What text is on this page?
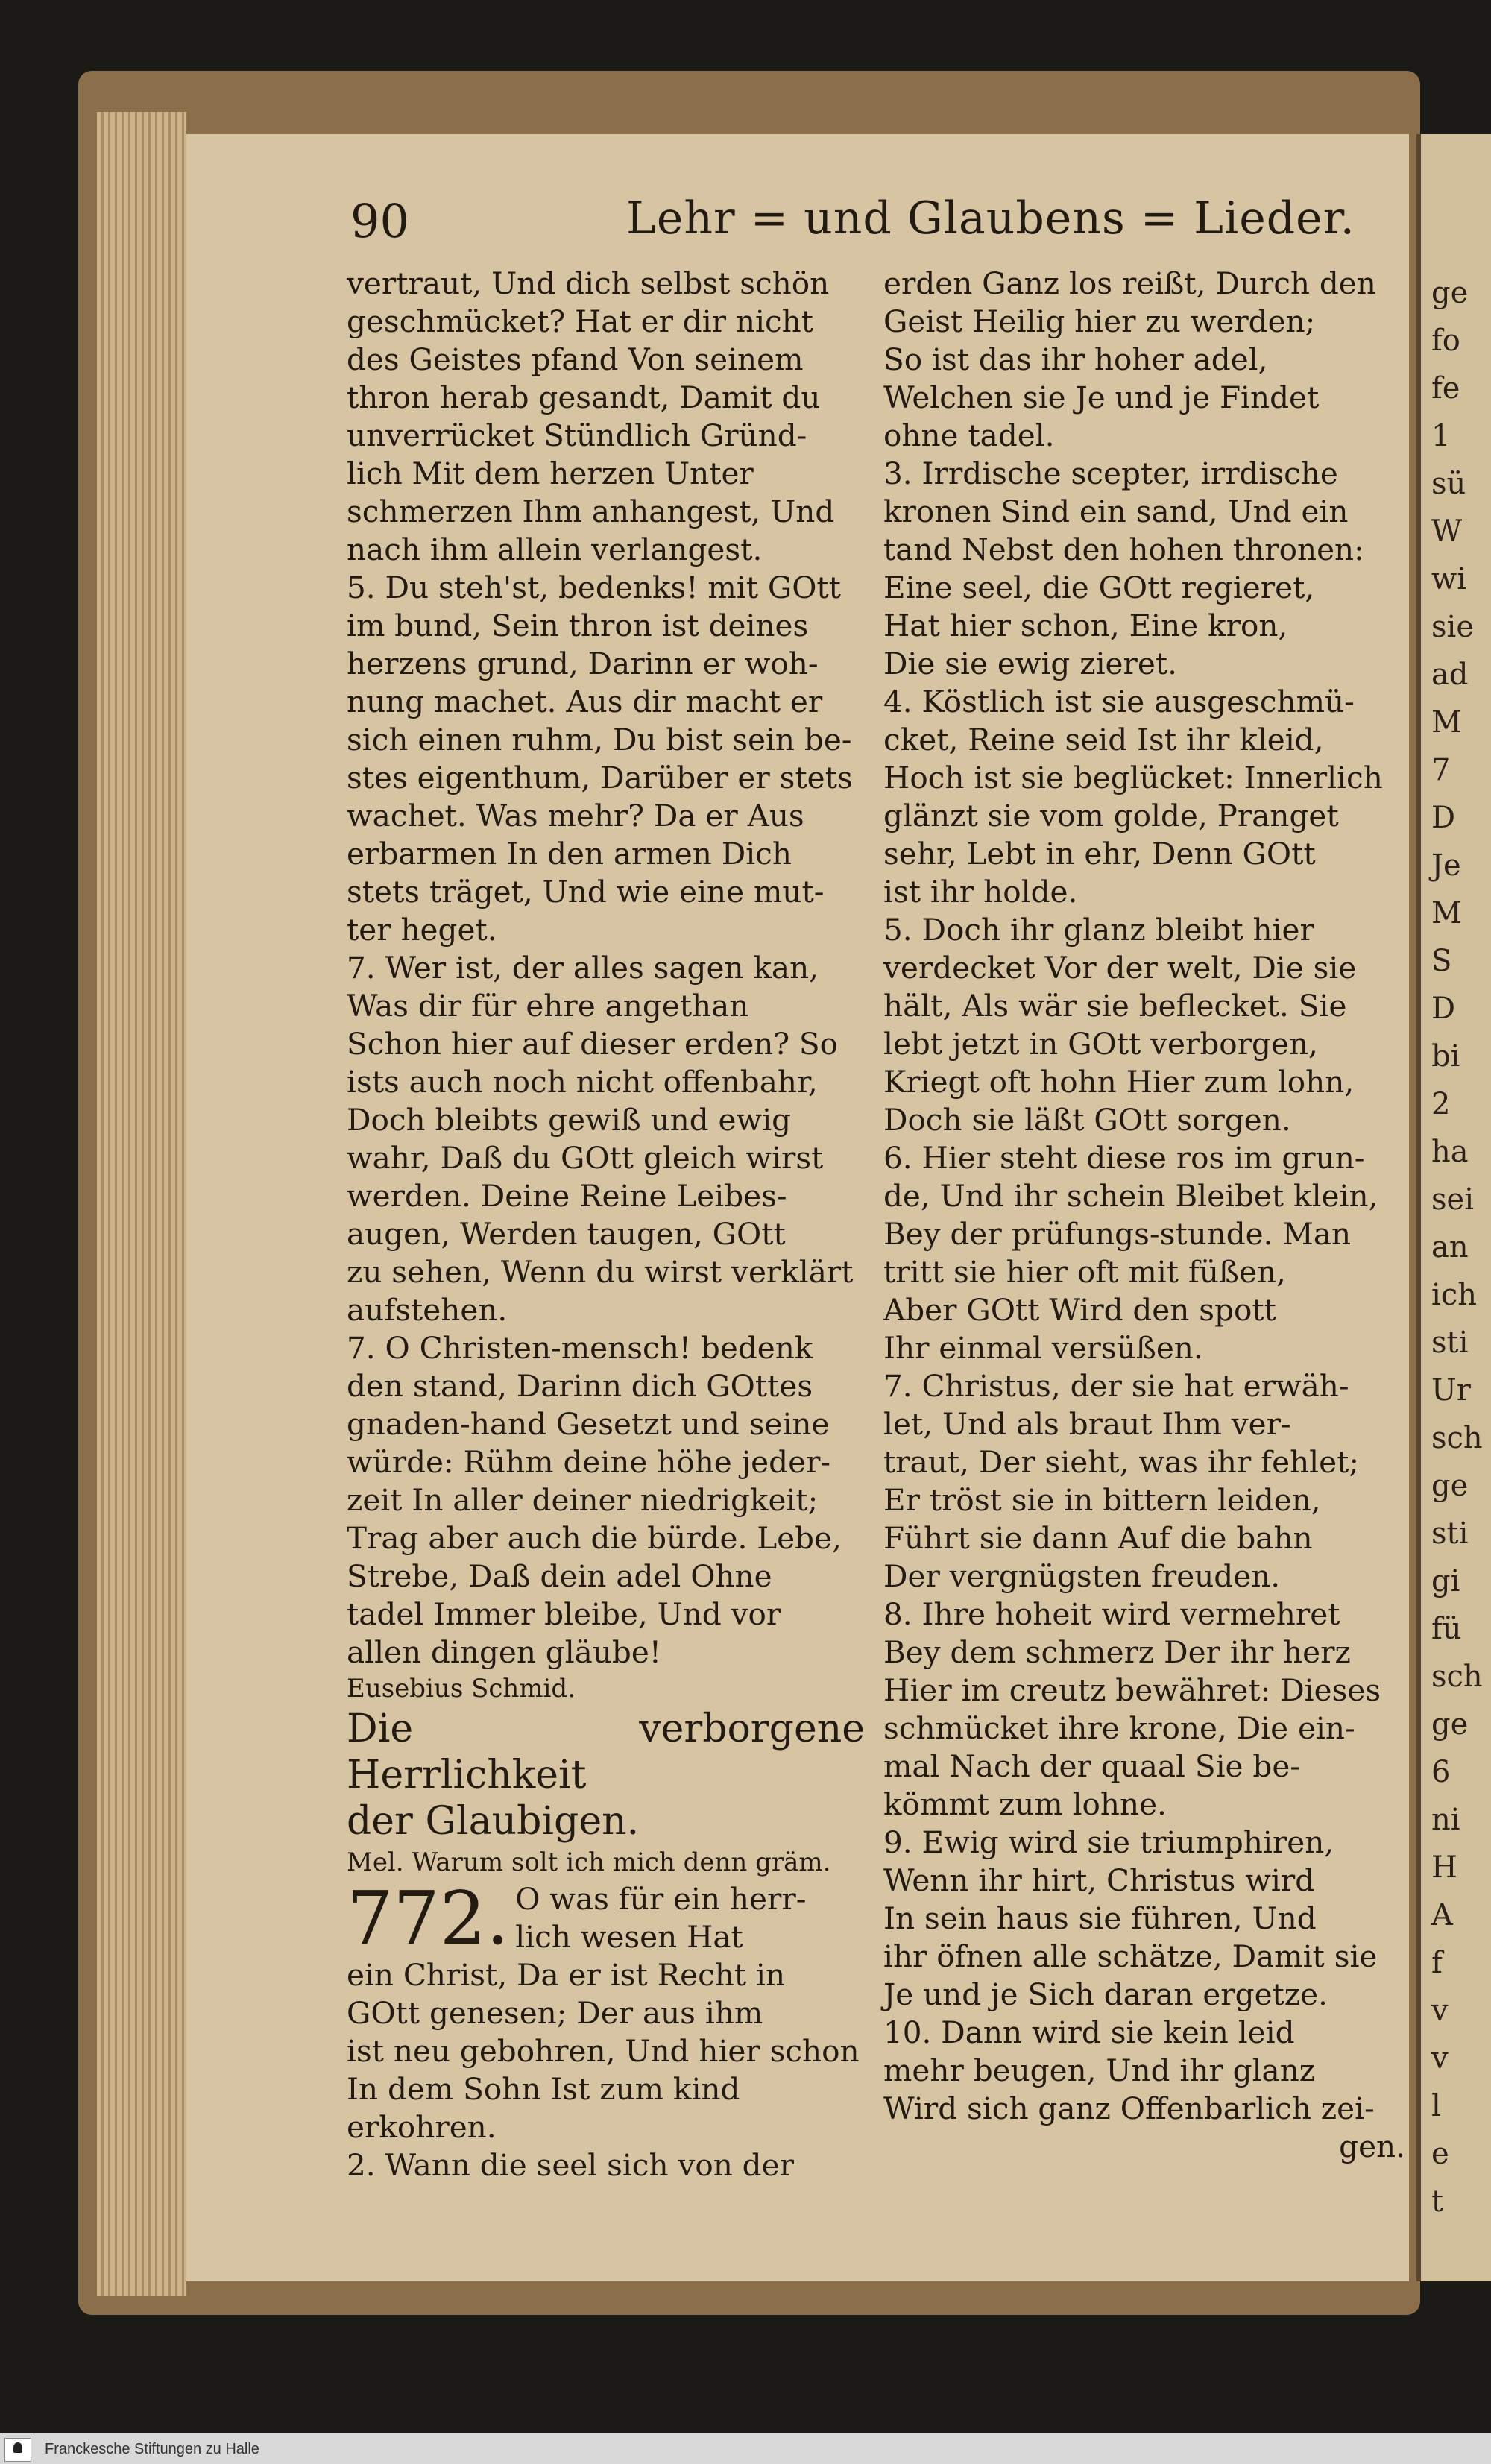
90	Lehr = und Glaubens = Lieder.

vertraut, Und dich selbst schön
geschmücket? Hat er dir nicht
des Geistes pfand Von seinem
thron herab gesandt, Damit du
unverrücket Stündlich Gründ-
lich Mit dem herzen Unter
schmerzen Ihm anhangest, Und
nach ihm allein verlangest.

5. Du steh'st, bedenks! mit GOtt
im bund, Sein thron ist deines
herzens grund, Darinn er woh-
nung machet. Aus dir macht er
sich einen ruhm, Du bist sein be-
stes eigenthum, Darüber er stets
wachet. Was mehr? Da er Aus
erbarmen In den armen Dich
stets träget, Und wie eine mut-
ter heget.

7. Wer ist, der alles sagen kan,
Was dir für ehre angethan
Schon hier auf dieser erden? So
ists auch noch nicht offenbahr,
Doch bleibts gewiß und ewig
wahr, Daß du GOtt gleich wirst
werden. Deine Reine Leibes-
augen, Werden taugen, GOtt
zu sehen, Wenn du wirst verklärt
aufstehen.

7. O Christen-mensch! bedenk
den stand, Darinn dich GOttes
gnaden-hand Gesetzt und seine
würde: Rühm deine höhe jeder-
zeit In aller deiner niedrigkeit;
Trag aber auch die bürde. Lebe,
Strebe, Daß dein adel Ohne
tadel Immer bleibe, Und vor
allen dingen gläube!

Eusebius Schmid.

Die verborgene Herrlichkeit
der Glaubigen.

Mel. Warum solt ich mich denn gräm.

772. O was für ein herr-
lich wesen Hat
ein Christ, Da er ist Recht in
GOtt genesen; Der aus ihm
ist neu gebohren, Und hier schon
In dem Sohn Ist zum kind
erkohren.

2. Wann die seel sich von der

erden Ganz los reißt, Durch den
Geist Heilig hier zu werden;
So ist das ihr hoher adel,
Welchen sie Je und je Findet
ohne tadel.

3. Irrdische scepter, irrdische
kronen Sind ein sand, Und ein
tand Nebst den hohen thronen:
Eine seel, die GOtt regieret,
Hat hier schon, Eine kron,
Die sie ewig zieret.

4. Köstlich ist sie ausgeschmü-
cket, Reine seid Ist ihr kleid,
Hoch ist sie beglücket: Innerlich
glänzt sie vom golde, Pranget
sehr, Lebt in ehr, Denn GOtt
ist ihr holde.

5. Doch ihr glanz bleibt hier
verdecket Vor der welt, Die sie
hält, Als wär sie beflecket. Sie
lebt jetzt in GOtt verborgen,
Kriegt oft hohn Hier zum lohn,
Doch sie läßt GOtt sorgen.

6. Hier steht diese ros im grun-
de, Und ihr schein Bleibet klein,
Bey der prüfungs-stunde. Man
tritt sie hier oft mit füßen,
Aber GOtt Wird den spott
Ihr einmal versüßen.

7. Christus, der sie hat erwäh-
let, Und als braut Ihm ver-
traut, Der sieht, was ihr fehlet;
Er tröst sie in bittern leiden,
Führt sie dann Auf die bahn
Der vergnügsten freuden.

8. Ihre hoheit wird vermehret
Bey dem schmerz Der ihr herz
Hier im creutz bewähret: Dieses
schmücket ihre krone, Die ein-
mal Nach der quaal Sie be-
kömmt zum lohne.

9. Ewig wird sie triumphiren,
Wenn ihr hirt, Christus wird
In sein haus sie führen, Und
ihr öfnen alle schätze, Damit sie
Je und je Sich daran ergetze.

10. Dann wird sie kein leid
mehr beugen, Und ihr glanz
Wird sich ganz Offenbarlich zei-

gen.

ge
fo
fe
1
sü
W
wi
sie
ad
M
7
D
Je
M
S
D
bi
2
ha
sei
an
ich
sti
Ur
sch
ge
sti
gi
fü
sch
ge
6
ni
H
A
f
v
v
l
e
t
Franckesche Stiftungen zu Halle
